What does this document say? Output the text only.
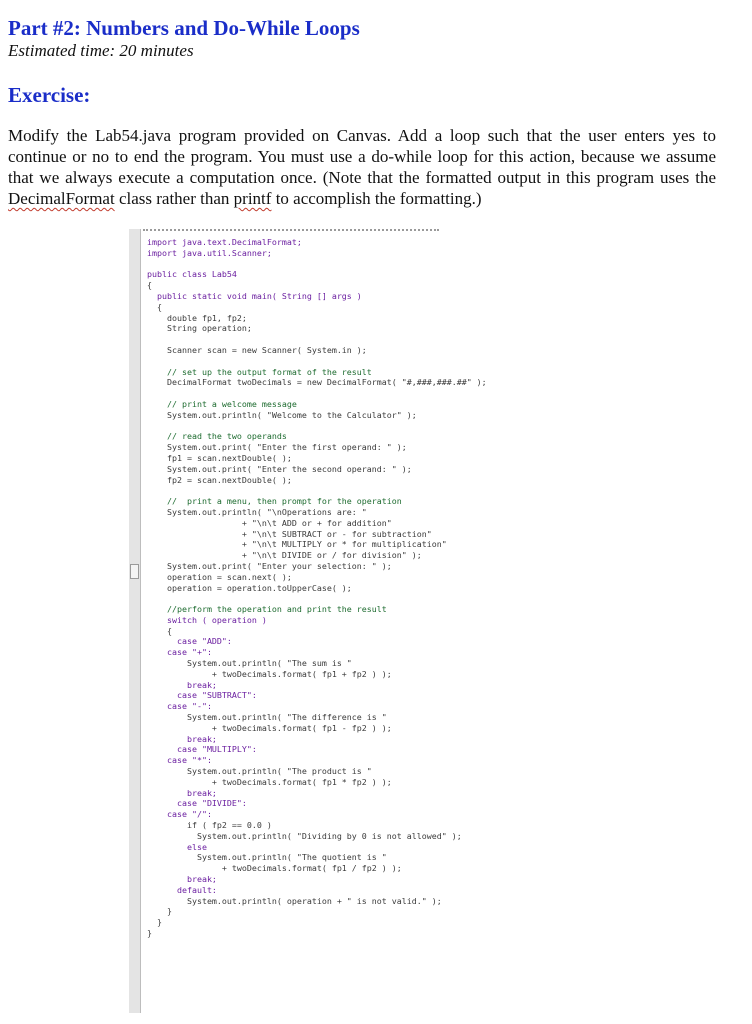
Part #2: Numbers and Do-While Loops

Estimated time: 20 minutes

Exercise:

Modify the Lab54.java program provided on Canvas. Add a loop such that the user enters yes to continue or no to end the program. You must use a do-while loop for this action, because we assume that we always execute a computation once. (Note that the formatted output in this program uses the DecimalFormat class rather than printf to accomplish the formatting.)

import java.text.DecimalFormat;
import java.util.Scanner;
public class Lab54
{
public static void main( String [] args )
{
double fp1, fp2;
String operation;
Scanner scan = new Scanner( System.in );
// set up the output format of the result
DecimalFormat twoDecimals = new DecimalFormat( "#,###,###.##" );
// print a welcome message
System.out.println( "Welcome to the Calculator" );
// read the two operands
System.out.print( "Enter the first operand: " );
fp1 = scan.nextDouble( );
System.out.print( "Enter the second operand: " );
fp2 = scan.nextDouble( );
//  print a menu, then prompt for the operation
System.out.println( "\nOperations are: "
+ "\n\t ADD or + for addition"
+ "\n\t SUBTRACT or - for subtraction"
+ "\n\t MULTIPLY or * for multiplication"
+ "\n\t DIVIDE or / for division" );
System.out.print( "Enter your selection: " );
operation = scan.next( );
operation = operation.toUpperCase( );
//perform the operation and print the result
switch ( operation )
{
case "ADD":
case "+":
System.out.println( "The sum is "
+ twoDecimals.format( fp1 + fp2 ) );
break;
case "SUBTRACT":
case "-":
System.out.println( "The difference is "
+ twoDecimals.format( fp1 - fp2 ) );
break;
case "MULTIPLY":
case "*":
System.out.println( "The product is "
+ twoDecimals.format( fp1 * fp2 ) );
break;
case "DIVIDE":
case "/":
if ( fp2 == 0.0 )
System.out.println( "Dividing by 0 is not allowed" );
else
System.out.println( "The quotient is "
+ twoDecimals.format( fp1 / fp2 ) );
break;
default:
System.out.println( operation + " is not valid." );
}
}
}
